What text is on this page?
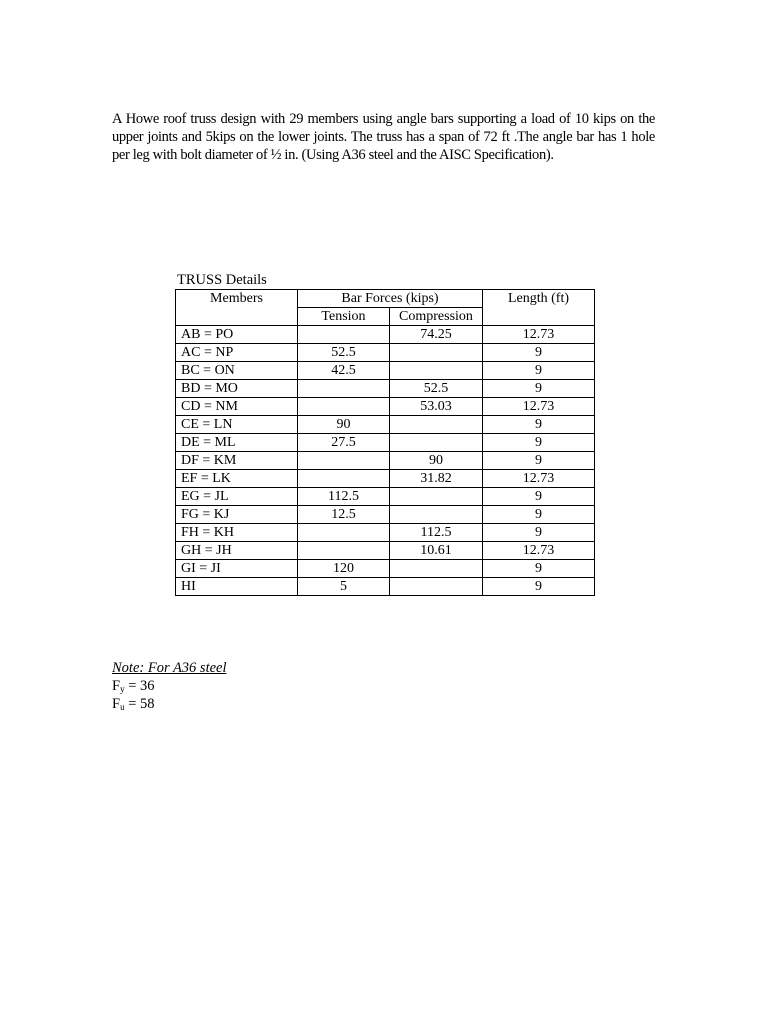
A Howe roof truss design with 29 members using angle bars supporting a load of 10 kips on the upper joints and 5kips on the lower joints. The truss has a span of 72 ft .The angle bar has 1 hole per leg with bolt diameter of ½ in. (Using A36 steel and the AISC Specification).

TRUSS Details
Members	Bar Forces (kips)		Length (ft)
	Tension	Compression	
AB = PO		74.25	12.73
AC = NP	52.5		9
BC = ON	42.5		9
BD = MO		52.5	9
CD = NM		53.03	12.73
CE = LN	90		9
DE = ML	27.5		9
DF = KM		90	9
EF = LK		31.82	12.73
EG = JL	112.5		9
FG = KJ	12.5		9
FH = KH		112.5	9
GH = JH		10.61	12.73
GI = JI	120		9
HI	5		9
Note: For A36 steel
$F_y = 36$
$F_u = 58$
